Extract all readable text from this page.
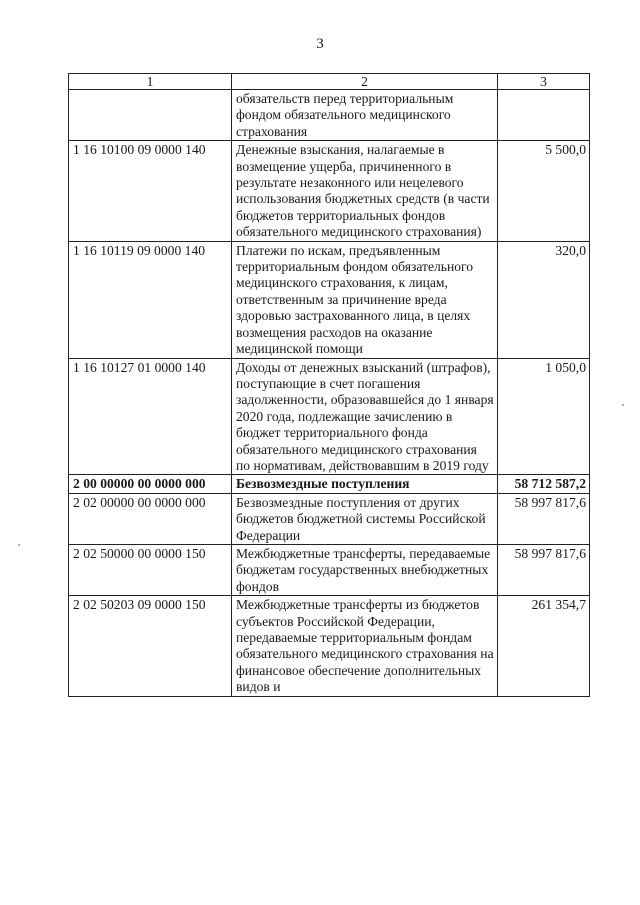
3
1	2	3
	обязательств перед территориальным фондом обязательного медицинского страхования	
1 16 10100 09 0000 140	Денежные взыскания, налагаемые в возмещение ущерба, причиненного в результате незаконного или нецелевого использования бюджетных средств (в части бюджетов территориальных фондов обязательного медицинского страхования)	5 500,0
1 16 10119 09 0000 140	Платежи по искам, предъявленным территориальным фондом обязательного медицинского страхования, к лицам, ответственным за причинение вреда здоровью застрахованного лица, в целях возмещения расходов на оказание медицинской помощи	320,0
1 16 10127 01 0000 140	Доходы от денежных взысканий (штрафов), поступающие в счет погашения задолженности, образовавшейся до 1 января 2020 года, подлежащие зачислению в бюджет территориального фонда обязательного медицинского страхования по нормативам, действовавшим в 2019 году	1 050,0
2 00 00000 00 0000 000	Безвозмездные поступления	58 712 587,2
2 02 00000 00 0000 000	Безвозмездные поступления от других бюджетов бюджетной системы Российской Федерации	58 997 817,6
2 02 50000 00 0000 150	Межбюджетные трансферты, передаваемые бюджетам государственных внебюджетных фондов	58 997 817,6
2 02 50203 09 0000 150	Межбюджетные трансферты из бюджетов субъектов Российской Федерации, передаваемые территориальным фондам обязательного медицинского страхования на финансовое обеспечение дополнительных видов и	261 354,7
